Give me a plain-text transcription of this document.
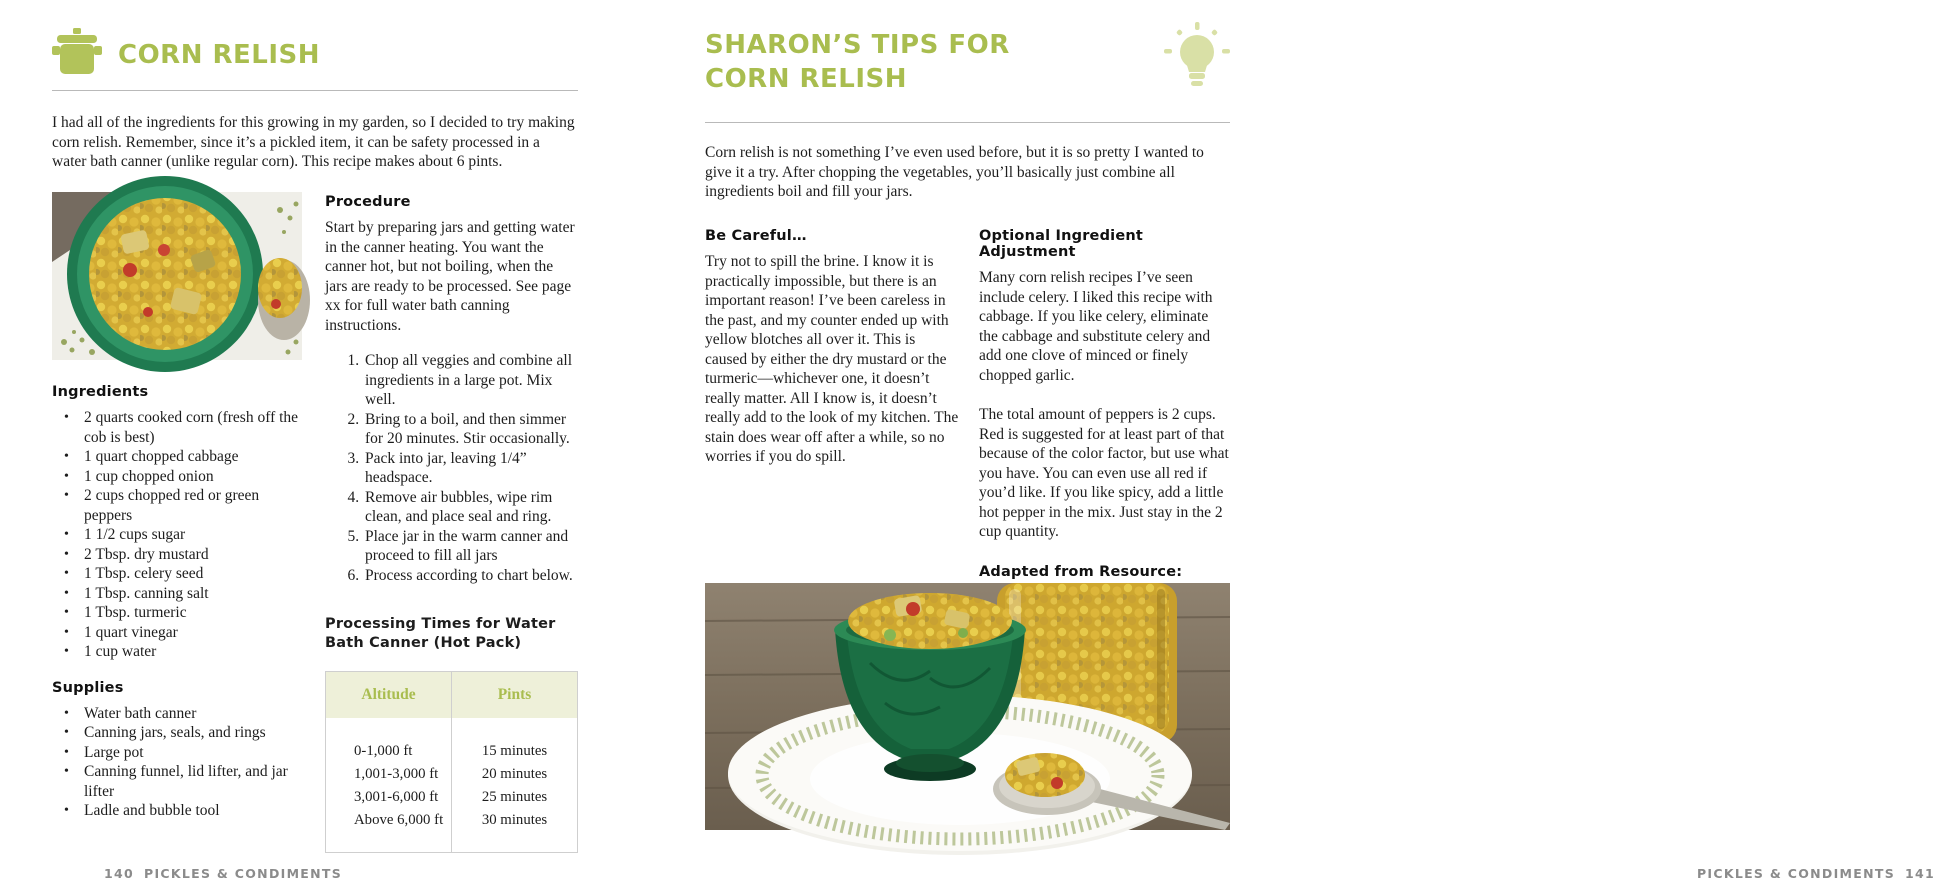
CORN RELISH

I had all of the ingredients for this growing in my garden, so I decided to try making corn relish. Remember, since it’s a pickled item, it can be safety processed in a water bath canner (unlike regular corn). This recipe makes about 6 pints.

Ingredients
• 2 quarts cooked corn (fresh off the cob is best)
• 1 quart chopped cabbage
• 1 cup chopped onion
• 2 cups chopped red or green peppers
• 1 1/2 cups sugar
• 2 Tbsp. dry mustard
• 1 Tbsp. celery seed
• 1 Tbsp. canning salt
• 1 Tbsp. turmeric
• 1 quart vinegar
• 1 cup water
Supplies
• Water bath canner
• Canning jars, seals, and rings
• Large pot
• Canning funnel, lid lifter, and jar lifter
• Ladle and bubble tool
Procedure

Start by preparing jars and getting water in the canner heating. You want the canner hot, but not boiling, when the jars are ready to be processed. See page xx for full water bath canning instructions.

1. Chop all veggies and combine all ingredients in a large pot. Mix well.
2. Bring to a boil, and then simmer for 20 minutes. Stir occasionally.
3. Pack into jar, leaving 1/4” headspace.
4. Remove air bubbles, wipe rim clean, and place seal and ring.
5. Place jar in the warm canner and proceed to fill all jars
6. Process according to chart below.
Processing Times for Water Bath Canner (Hot Pack)
Altitude	Pints
0-1,000 ft	15 minutes
1,001-3,000 ft	20 minutes
3,001-6,000 ft	25 minutes
Above 6,000 ft	30 minutes
140 PICKLES & CONDIMENTS
SHARON’S TIPS FOR
CORN RELISH

Corn relish is not something I’ve even used before, but it is so pretty I wanted to give it a try. After chopping the vegetables, you’ll basically just combine all ingredients boil and fill your jars.

Be Careful…

Try not to spill the brine. I know it is practically impossible, but there is an important reason! I’ve been careless in the past, and my counter ended up with yellow blotches all over it. This is caused by either the dry mustard or the turmeric—whichever one, it doesn’t really matter. All I know is, it doesn’t really add to the look of my kitchen. The stain does wear off after a while, so no worries if you do spill.

Optional Ingredient Adjustment

Many corn relish recipes I’ve seen include celery. I liked this recipe with cabbage. If you like celery, eliminate the cabbage and substitute celery and add one clove of minced or finely chopped garlic.

The total amount of peppers is 2 cups. Red is suggested for at least part of that because of the color factor, but use what you have. You can even use all red if you’d like. If you like spicy, add a little hot pepper in the mix. Just stay in the 2 cup quantity.

Adapted from Resource:

PICKLES & CONDIMENTS 141
